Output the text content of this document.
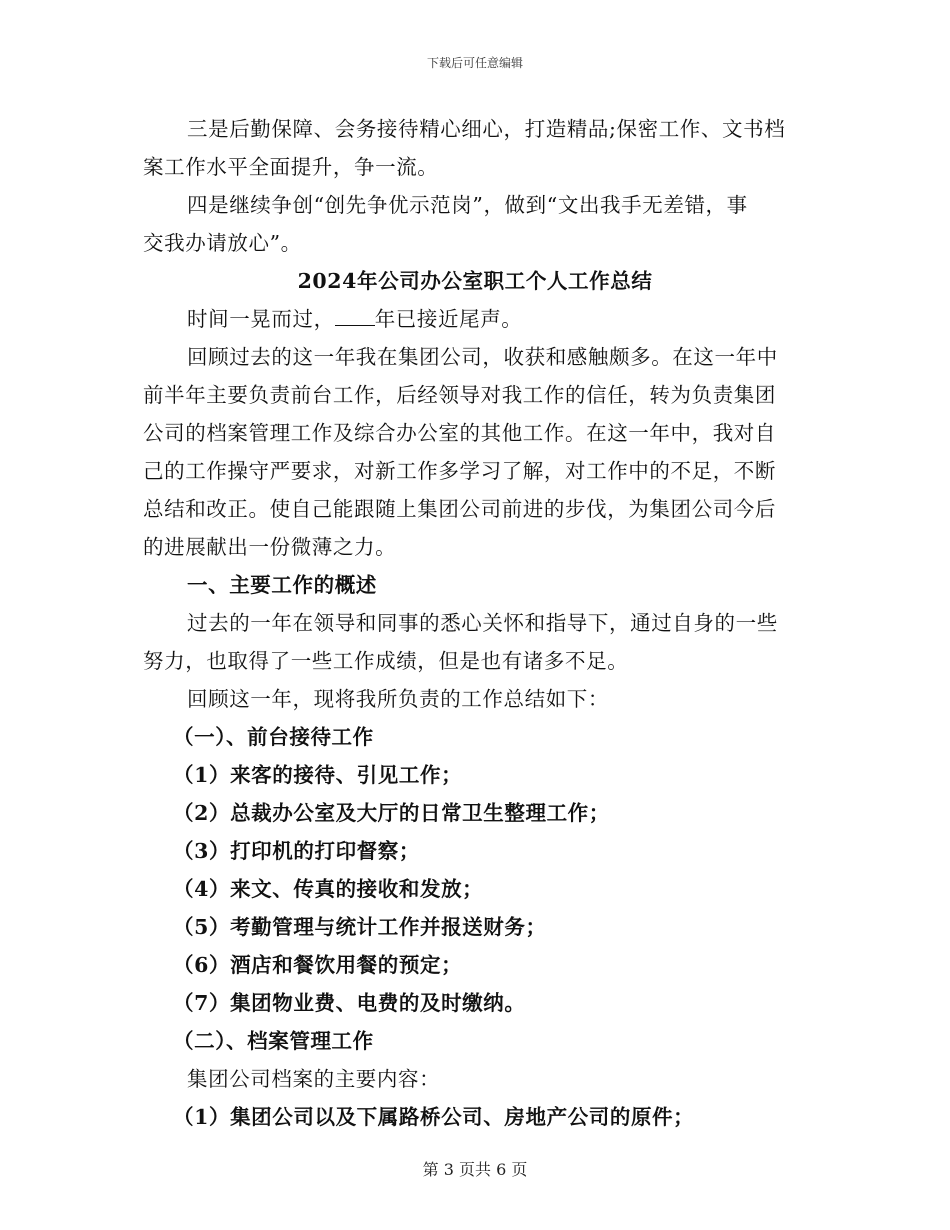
下载后可任意编辑
三是后勤保障、会务接待精心细心，打造精品;保密工作、文书档
案工作水平全面提升，争一流。
四是继续争创“创先争优示范岗”，做到“文出我手无差错，事
交我办请放心”。
2024年公司办公室职工个人工作总结
时间一晃而过， 年已接近尾声。
回顾过去的这一年我在集团公司，收获和感触颇多。在这一年中
前半年主要负责前台工作，后经领导对我工作的信任，转为负责集团
公司的档案管理工作及综合办公室的其他工作。在这一年中，我对自
己的工作操守严要求，对新工作多学习了解，对工作中的不足，不断
总结和改正。使自己能跟随上集团公司前进的步伐，为集团公司今后
的进展献出一份微薄之力。
一、主要工作的概述
过去的一年在领导和同事的悉心关怀和指导下，通过自身的一些
努力，也取得了一些工作成绩，但是也有诸多不足。
回顾这一年，现将我所负责的工作总结如下：
（一）、前台接待工作
（1）来客的接待、引见工作；
（2）总裁办公室及大厅的日常卫生整理工作；
（3）打印机的打印督察；
（4）来文、传真的接收和发放；
（5）考勤管理与统计工作并报送财务；
（6）酒店和餐饮用餐的预定；
（7）集团物业费、电费的及时缴纳。
（二）、档案管理工作
集团公司档案的主要内容：
（1）集团公司以及下属路桥公司、房地产公司的原件；
第 3 页共 6 页
